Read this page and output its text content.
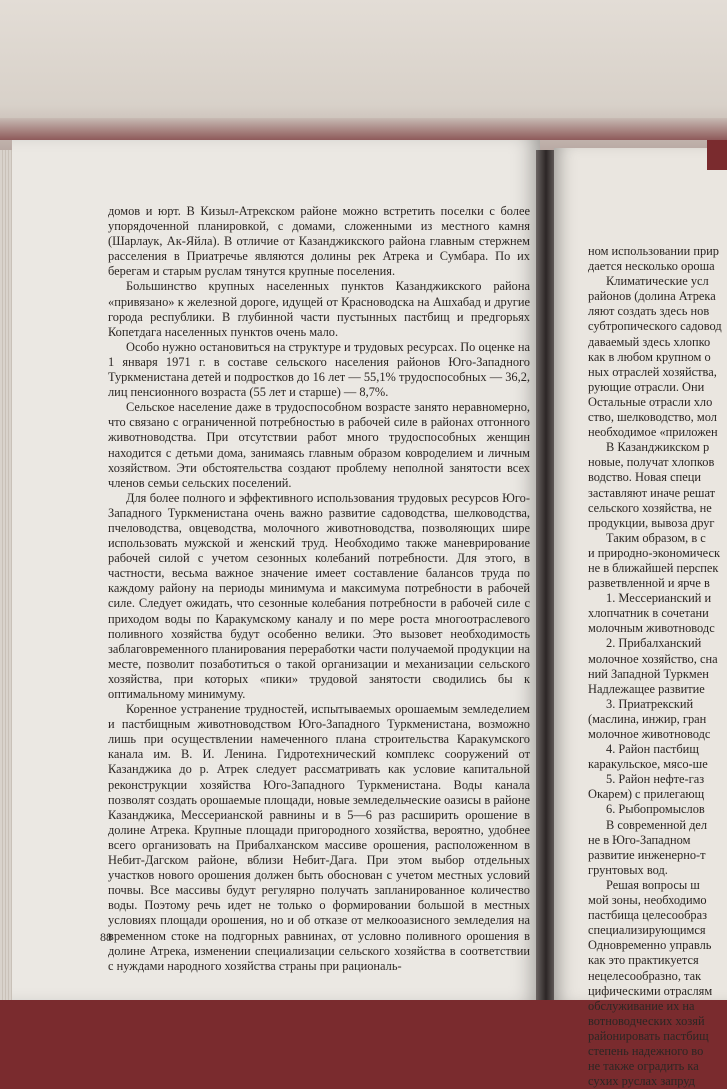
домов и юрт. В Кизыл-Атрекском районе можно встретить поселки с более упорядоченной планировкой, с домами, сложенными из местного камня (Шарлаук, Ак-Яйла). В отличие от Казанджикского района главным стержнем расселения в Приатречье являются долины рек Атрека и Сумбара. По их берегам и старым руслам тянутся крупные поселения.

Большинство крупных населенных пунктов Казанджикского района «привязано» к железной дороге, идущей от Красноводска на Ашхабад и другие города республики. В глубинной части пустынных пастбищ и предгорьях Копетдага населенных пунктов очень мало.

Особо нужно остановиться на структуре и трудовых ресурсах. По оценке на 1 января 1971 г. в составе сельского населения районов Юго-Западного Туркменистана детей и подростков до 16 лет — 55,1% трудоспособных — 36,2, лиц пенсионного возраста (55 лет и старше) — 8,7%.

Сельское население даже в трудоспособном возрасте занято неравномерно, что связано с ограниченной потребностью в рабочей силе в районах отгонного животноводства. При отсутствии работ много трудоспособных женщин находится с детьми дома, занимаясь главным образом ковроделием и личным хозяйством. Эти обстоятельства создают проблему неполной занятости всех членов семьи сельских поселений.

Для более полного и эффективного использования трудовых ресурсов Юго-Западного Туркменистана очень важно развитие садоводства, шелководства, пчеловодства, овцеводства, молочного животноводства, позволяющих шире использовать мужской и женский труд. Необходимо также маневрирование рабочей силой с учетом сезонных колебаний потребности. Для этого, в частности, весьма важное значение имеет составление балансов труда по каждому району на периоды минимума и максимума потребности в рабочей силе. Следует ожидать, что сезонные колебания потребности в рабочей силе с приходом воды по Каракумскому каналу и по мере роста многоотраслевого поливного хозяйства будут особенно велики. Это вызовет необходимость заблаговременного планирования переработки части получаемой продукции на месте, позволит позаботиться о такой организации и механизации сельского хозяйства, при которых «пики» трудовой занятости сводились бы к оптимальному минимуму.

Коренное устранение трудностей, испытываемых орошаемым земледелием и пастбищным животноводством Юго-Западного Туркменистана, возможно лишь при осуществлении намеченного плана строительства Каракумского канала им. В. И. Ленина. Гидротехнический комплекс сооружений от Казанджика до р. Атрек следует рассматривать как условие капитальной реконструкции хозяйства Юго-Западного Туркменистана. Воды канала позволят создать орошаемые площади, новые земледельческие оазисы в районе Казанджика, Мессерианской равнины и в 5—6 раз расширить орошение в долине Атрека. Крупные площади пригородного хозяйства, вероятно, удобнее всего организовать на Прибалханском массиве орошения, расположенном в Небит-Дагском районе, вблизи Небит-Дага. При этом выбор отдельных участков нового орошения должен быть обоснован с учетом местных условий почвы. Все массивы будут регулярно получать запланированное количество воды. Поэтому речь идет не только о формировании большой в местных условиях площади орошения, но и об отказе от мелкооазисного земледелия на временном стоке на подгорных равнинах, от условно поливного орошения в долине Атрека, изменении специализации сельского хозяйства в соответствии с нуждами народного хозяйства страны при рациональ-

88
ном использовании прир
дается несколько ороша
Климатические усл
районов (долина Атрека
ляют создать здесь нов
субтропического садовод
даваемый здесь хлопко
как в любом крупном о
ных отраслей хозяйства,
рующие отрасли. Они
Остальные отрасли хло
ство, шелководство, мол
необходимое «приложен
В Казанджикском р
новые, получат хлопков
водство. Новая специ
заставляют иначе решат
сельского хозяйства, не
продукции, вывоза друг
Таким образом, в с
и природно-экономическ
не в ближайшей перспек
разветвленной и ярче в
1. Мессерианский и
хлопчатник в сочетани
молочным животноводс
2. Прибалханский
молочное хозяйство, сна
ний Западной Туркмен
Надлежащее развитие
3. Приатрекский
(маслина, инжир, гран
молочное животноводс
4. Район пастбищ
каракульское, мясо-ше
5. Район нефте-газ
Окарем) с прилегающ
6. Рыбопромыслов
В современной дел
не в Юго-Западном
развитие инженерно-т
грунтовых вод.
Решая вопросы ш
мой зоны, необходимо
пастбища целесообраз
специализирующимся
Одновременно управль
как это практикуется
нецелесообразно, так
цифическими отраслям
обслуживание их на
вотноводческих хозяй
районировать пастбищ
степень надежного во
не также оградить ка
сухих руслах запруд
